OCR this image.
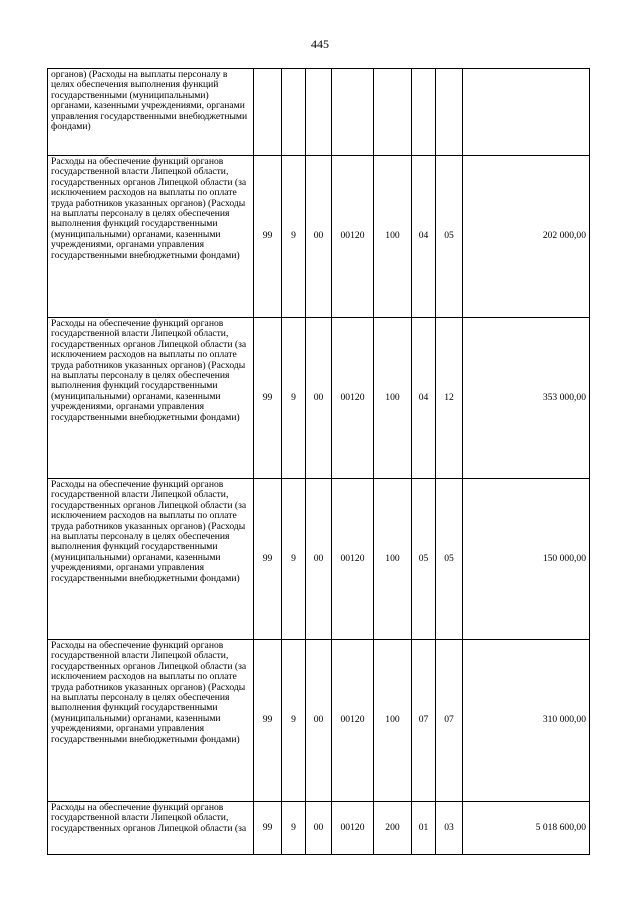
445
органов) (Расходы на выплаты персоналу в целях обеспечения выполнения функций государственными (муниципальными) органами, казенными учреждениями, органами управления государственными внебюджетными фондами)								
Расходы на обеспечение функций органов государственной власти Липецкой области, государственных органов Липецкой области (за исключением расходов на выплаты по оплате труда работников указанных органов) (Расходы на выплаты персоналу в целях обеспечения выполнения функций государственными (муниципальными) органами, казенными учреждениями, органами управления государственными внебюджетными фондами)	99	9	00	00120	100	04	05	202 000,00
Расходы на обеспечение функций органов государственной власти Липецкой области, государственных органов Липецкой области (за исключением расходов на выплаты по оплате труда работников указанных органов) (Расходы на выплаты персоналу в целях обеспечения выполнения функций государственными (муниципальными) органами, казенными учреждениями, органами управления государственными внебюджетными фондами)	99	9	00	00120	100	04	12	353 000,00
Расходы на обеспечение функций органов государственной власти Липецкой области, государственных органов Липецкой области (за исключением расходов на выплаты по оплате труда работников указанных органов) (Расходы на выплаты персоналу в целях обеспечения выполнения функций государственными (муниципальными) органами, казенными учреждениями, органами управления государственными внебюджетными фондами)	99	9	00	00120	100	05	05	150 000,00
Расходы на обеспечение функций органов государственной власти Липецкой области, государственных органов Липецкой области (за исключением расходов на выплаты по оплате труда работников указанных органов) (Расходы на выплаты персоналу в целях обеспечения выполнения функций государственными (муниципальными) органами, казенными учреждениями, органами управления государственными внебюджетными фондами)	99	9	00	00120	100	07	07	310 000,00
Расходы на обеспечение функций органов государственной власти Липецкой области, государственных органов Липецкой области (за	99	9	00	00120	200	01	03	5 018 600,00
